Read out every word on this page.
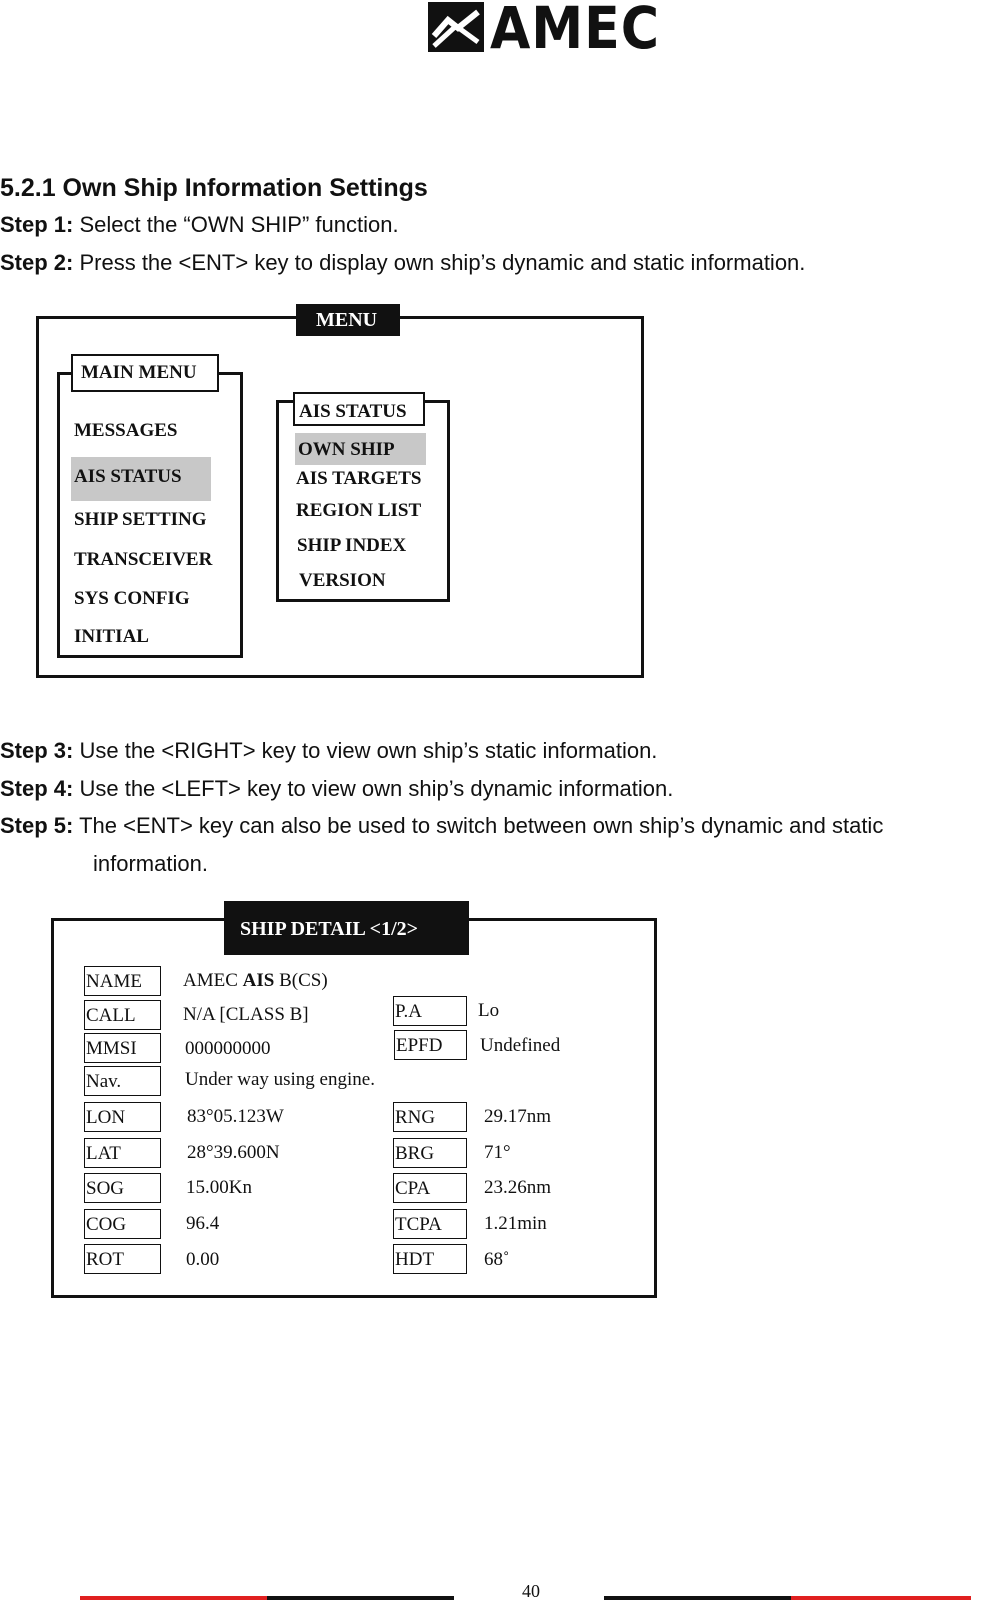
AMEC
5.2.1 Own Ship Information Settings
Step 1: Select the “OWN SHIP” function.
Step 2: Press the <ENT> key to display own ship’s dynamic and static information.
MENU
MAIN MENU
MESSAGES
AIS STATUS
SHIP SETTING
TRANSCEIVER
SYS CONFIG
INITIAL
AIS STATUS
OWN SHIP
AIS TARGETS
REGION LIST
SHIP INDEX
VERSION
Step 3: Use the <RIGHT> key to view own ship’s static information.
Step 4: Use the <LEFT> key to view own ship’s dynamic information.
Step 5: The <ENT> key can also be used to switch between own ship’s dynamic and static
information.
SHIP DETAIL <1/2>
NAME	AMEC AIS B(CS)
CALL	N/A [CLASS B]
MMSI	000000000
Nav.	Under way using engine.
P.A	Lo
EPFD	Undefined
LON	83°05.123W
LAT	28°39.600N
SOG	15.00Kn
COG	96.4
ROT	0.00
RNG	29.17nm
BRG	71°
CPA	23.26nm
TCPA	1.21min
HDT	68˚
40
